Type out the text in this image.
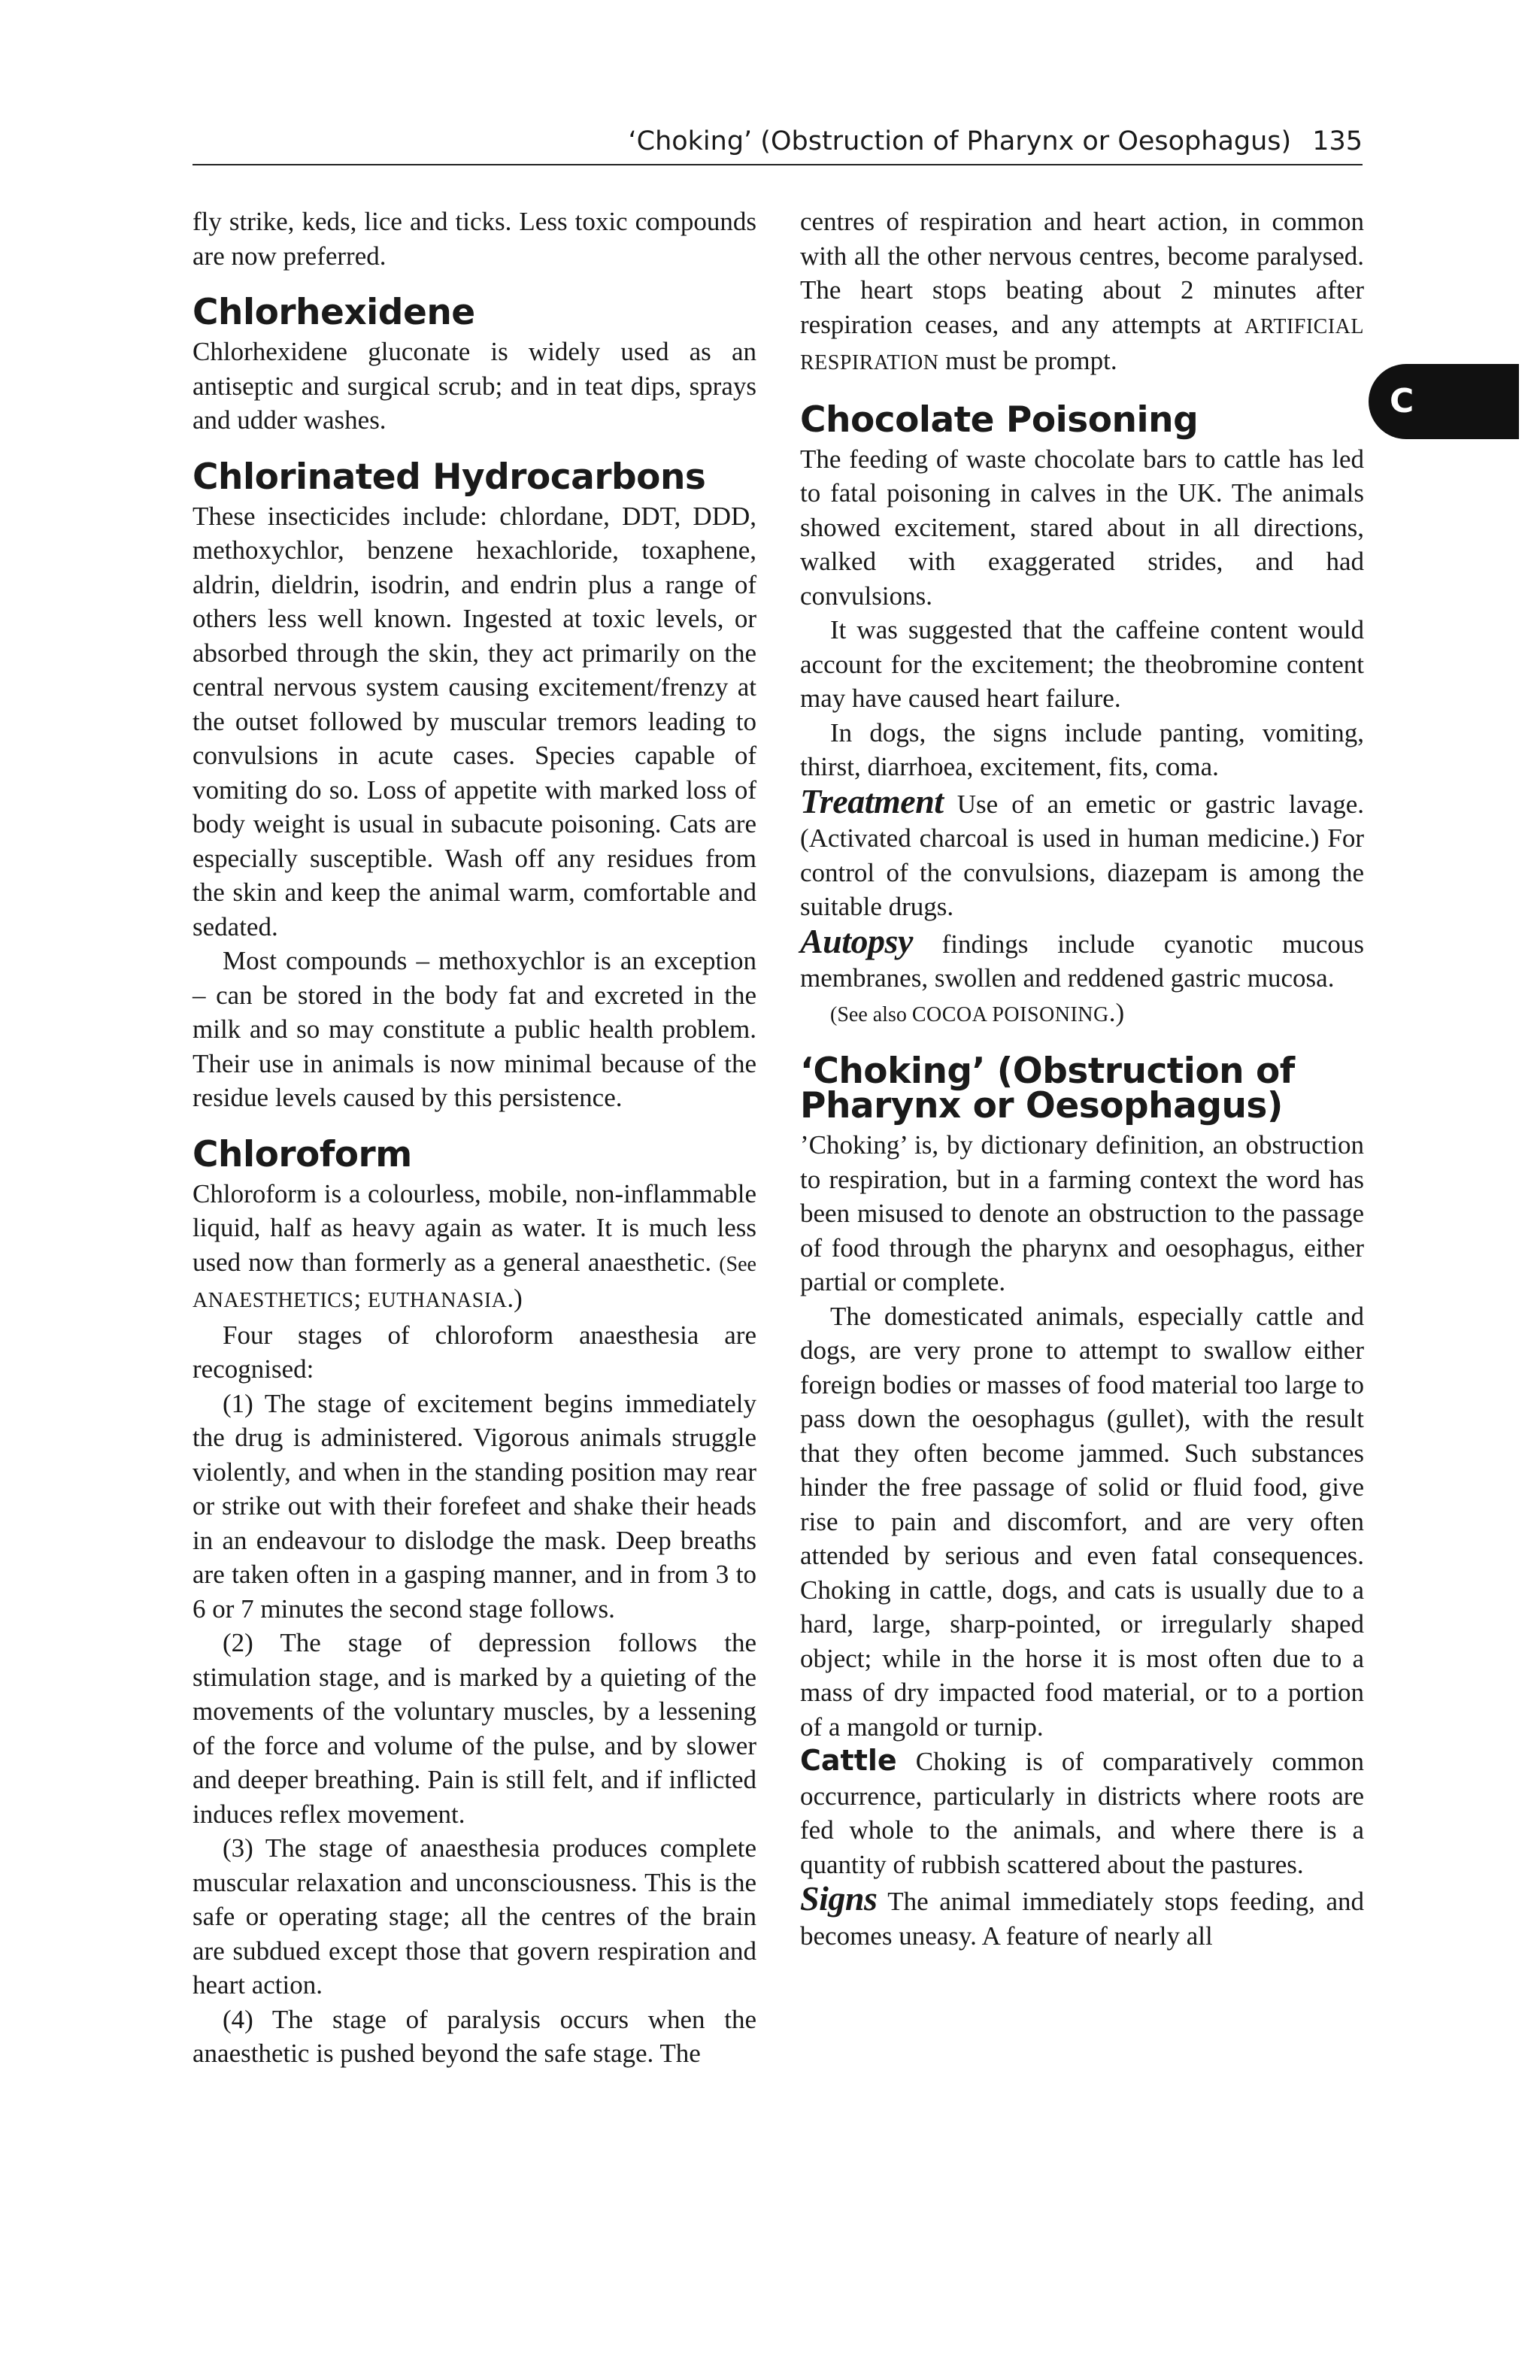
‘Choking’ (Obstruction of Pharynx or Oesophagus) 135
C

fly strike, keds, lice and ticks. Less toxic compounds are now preferred.

Chlorhexidene

Chlorhexidene gluconate is widely used as an antiseptic and surgical scrub; and in teat dips, sprays and udder washes.

Chlorinated Hydrocarbons

These insecticides include: chlordane, DDT, DDD, methoxychlor, benzene hexachloride, toxaphene, aldrin, dieldrin, isodrin, and endrin plus a range of others less well known. Ingested at toxic levels, or absorbed through the skin, they act primarily on the central nervous system causing excitement/frenzy at the outset followed by muscular tremors leading to convulsions in acute cases. Species capable of vomiting do so. Loss of appetite with marked loss of body weight is usual in subacute poisoning. Cats are especially susceptible. Wash off any residues from the skin and keep the animal warm, comfortable and sedated.

Most compounds – methoxychlor is an exception – can be stored in the body fat and excreted in the milk and so may constitute a public health problem. Their use in animals is now minimal because of the residue levels caused by this persistence.

Chloroform

Chloroform is a colourless, mobile, non-inflammable liquid, half as heavy again as water. It is much less used now than formerly as a general anaesthetic. (See ANAESTHETICS; EUTHANASIA.)

Four stages of chloroform anaesthesia are recognised:

(1) The stage of excitement begins immediately the drug is administered. Vigorous animals struggle violently, and when in the standing position may rear or strike out with their forefeet and shake their heads in an endeavour to dislodge the mask. Deep breaths are taken often in a gasping manner, and in from 3 to 6 or 7 minutes the second stage follows.

(2) The stage of depression follows the stimulation stage, and is marked by a quieting of the movements of the voluntary muscles, by a lessening of the force and volume of the pulse, and by slower and deeper breathing. Pain is still felt, and if inflicted induces reflex movement.

(3) The stage of anaesthesia produces complete muscular relaxation and unconsciousness. This is the safe or operating stage; all the centres of the brain are subdued except those that govern respiration and heart action.

(4) The stage of paralysis occurs when the anaesthetic is pushed beyond the safe stage. The

centres of respiration and heart action, in common with all the other nervous centres, become paralysed. The heart stops beating about 2 minutes after respiration ceases, and any attempts at ARTIFICIAL RESPIRATION must be prompt.

Chocolate Poisoning

The feeding of waste chocolate bars to cattle has led to fatal poisoning in calves in the UK. The animals showed excitement, stared about in all directions, walked with exaggerated strides, and had convulsions.

It was suggested that the caffeine content would account for the excitement; the theobromine content may have caused heart failure.

In dogs, the signs include panting, vomiting, thirst, diarrhoea, excitement, fits, coma.

Treatment Use of an emetic or gastric lavage. (Activated charcoal is used in human medicine.) For control of the convulsions, diazepam is among the suitable drugs.

Autopsy findings include cyanotic mucous membranes, swollen and reddened gastric mucosa.

(See also COCOA POISONING.)

‘Choking’ (Obstruction of Pharynx or Oesophagus)

’Choking’ is, by dictionary definition, an obstruction to respiration, but in a farming context the word has been misused to denote an obstruction to the passage of food through the pharynx and oesophagus, either partial or complete.

The domesticated animals, especially cattle and dogs, are very prone to attempt to swallow either foreign bodies or masses of food material too large to pass down the oesophagus (gullet), with the result that they often become jammed. Such substances hinder the free passage of solid or fluid food, give rise to pain and discomfort, and are very often attended by serious and even fatal consequences. Choking in cattle, dogs, and cats is usually due to a hard, large, sharp-pointed, or irregularly shaped object; while in the horse it is most often due to a mass of dry impacted food material, or to a portion of a mangold or turnip.

Cattle Choking is of comparatively common occurrence, particularly in districts where roots are fed whole to the animals, and where there is a quantity of rubbish scattered about the pastures.

Signs The animal immediately stops feeding, and becomes uneasy. A feature of nearly all
